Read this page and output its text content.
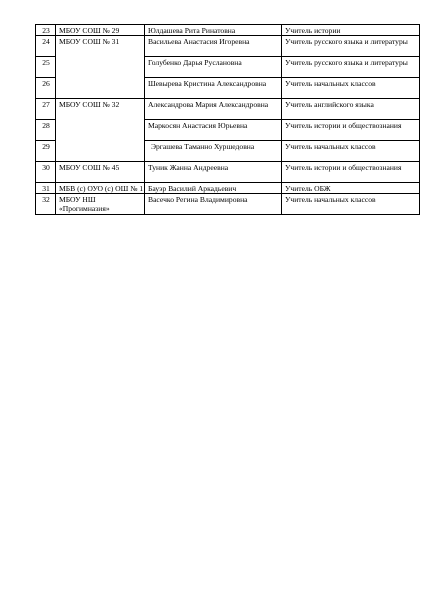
23	МБОУ СОШ № 29	Юлдашева Рита Ринатовна	Учитель истории
24	МБОУ СОШ № 31	Васильева Анастасия Игоревна	Учитель русского языка и литературы
25		Голубенко Дарья Руслановна	Учитель русского языка и литературы
26		Шевырева Кристина Александровна	Учитель начальных классов
27	МБОУ СОШ № 32	Александрова Мария Александровна	Учитель английского языка
28		Маркосян Анастасия Юрьевна	Учитель истории и обществознания
29		Эргашева Таманно Хуршедовна	Учитель начальных классов
30	МБОУ СОШ № 45	Туник Жанна Андреевна	Учитель истории и обществознания
31	МБВ (с) ОУО (с) ОШ № 1	Бауэр Василий Аркадьевич	Учитель ОБЖ
32	МБОУ НШ «Прогимназия»	Васечко Регина Владимировна	Учитель начальных классов
